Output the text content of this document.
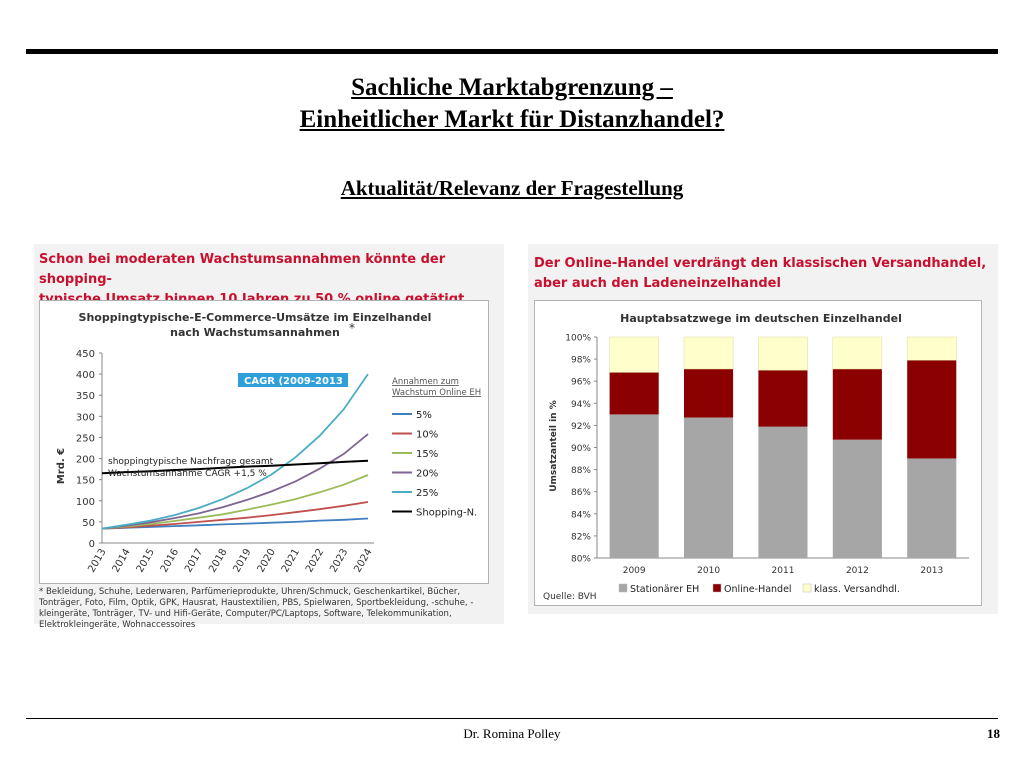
Sachliche Marktabgrenzung –
Einheitlicher Markt für Distanzhandel?
Aktualität/Relevanz der Fragestellung
Schon bei moderaten Wachstumsannahmen könnte der shopping-
Shoppingtypische-E-Commerce-Umsätze im Einzelhandel
nach Wachstumsannahmen *
Mrd. €
0
50
100
150
200
250
300
350
400
450
2013 2014 2015 2016 2017 2018 2019 2020 2021 2022 2023 2024
CAGR (2009-2013
shoppingtypische Nachfrage gesamt
Wachstumsannahme CAGR +1,5 %
Annahmen zum
Wachstum Online EH
5%
10%
15%
20%
25%
Shopping-N.
* Bekleidung, Schuhe, Lederwaren, Parfümerieprodukte, Uhren/Schmuck, Geschenkartikel, Bücher, Tonträger, Foto, Film, Optik, GPK, Hausrat, Haustextilien, PBS, Spielwaren, Sportbekleidung, -schuhe, -kleingeräte, Tonträger, TV- und Hifi-Geräte, Computer/PC/Laptops, Software, Telekommunikation, Elektrokleingeräte, Wohnaccessoires
Der Online-Handel verdrängt den klassischen Versandhandel,
aber auch den Ladeneinzelhandel
Hauptabsatzwege im deutschen Einzelhandel
Umsatzanteil in %
80%
82%
84%
86%
88%
90%
92%
94%
96%
98%
100%
2009	2010	2011	2012	2013
Quelle: BVH
Stationärer EH	Online-Handel klass. Versandhdl.
Dr. Romina Polley	18
